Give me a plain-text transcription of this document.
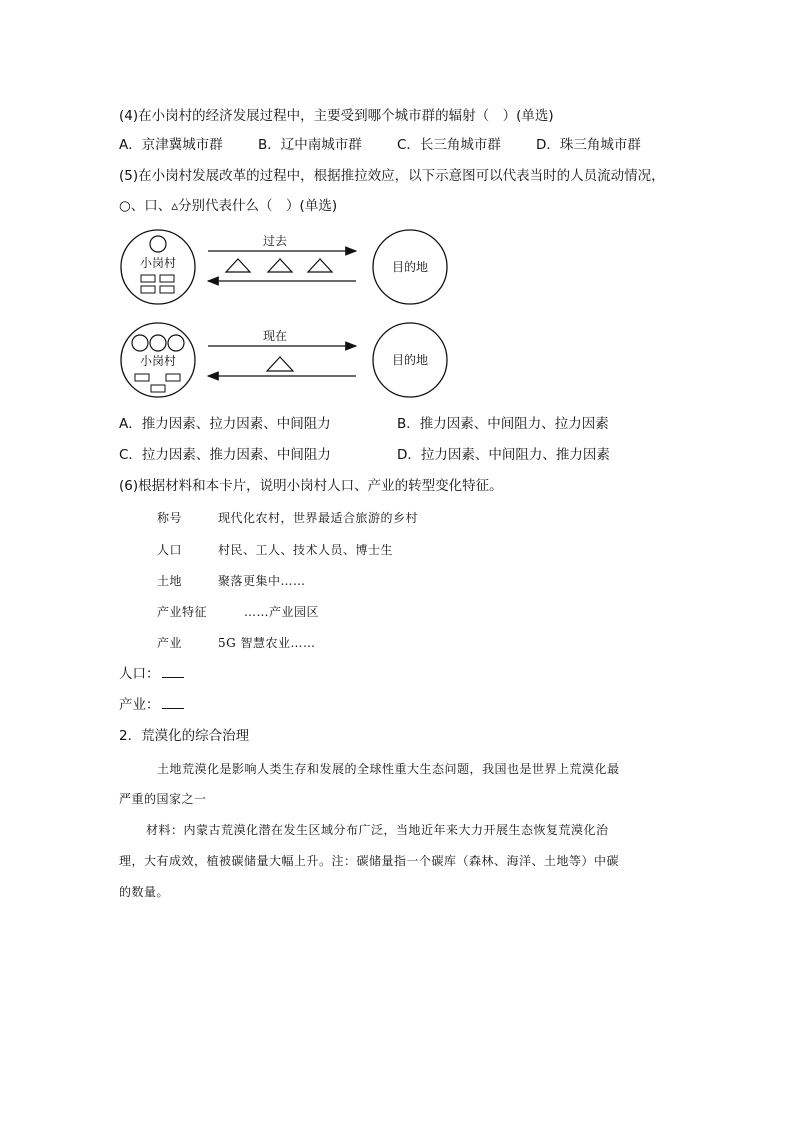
(4)在小岗村的经济发展过程中，主要受到哪个城市群的辐射（　）(单选)
A．京津冀城市群	B．辽中南城市群	C．长三角城市群	D．珠三角城市群
(5)在小岗村发展改革的过程中，根据推拉效应，以下示意图可以代表当时的人员流动情况，
○、口、▵分别代表什么（　）(单选)
小岗村
过去
目的地
小岗村
现在
目的地
A．推力因素、拉力因素、中间阻力	B．推力因素、中间阻力、拉力因素
C．拉力因素、推力因素、中间阻力	D．拉力因素、中间阻力、推力因素
(6)根据材料和本卡片，说明小岗村人口、产业的转型变化特征。
称号	现代化农村，世界最适合旅游的乡村
人口	村民、工人、技术人员、博士生
土地	聚落更集中……
产业特征	……产业园区
产业	5G 智慧农业……
人口：
产业：
2．荒漠化的综合治理
土地荒漠化是影响人类生存和发展的全球性重大生态问题，我国也是世界上荒漠化最
严重的国家之一
材料：内蒙古荒漠化潜在发生区域分布广泛，当地近年来大力开展生态恢复荒漠化治
理，大有成效，植被碳储量大幅上升。注：碳储量指一个碳库（森林、海洋、土地等）中碳
的数量。
